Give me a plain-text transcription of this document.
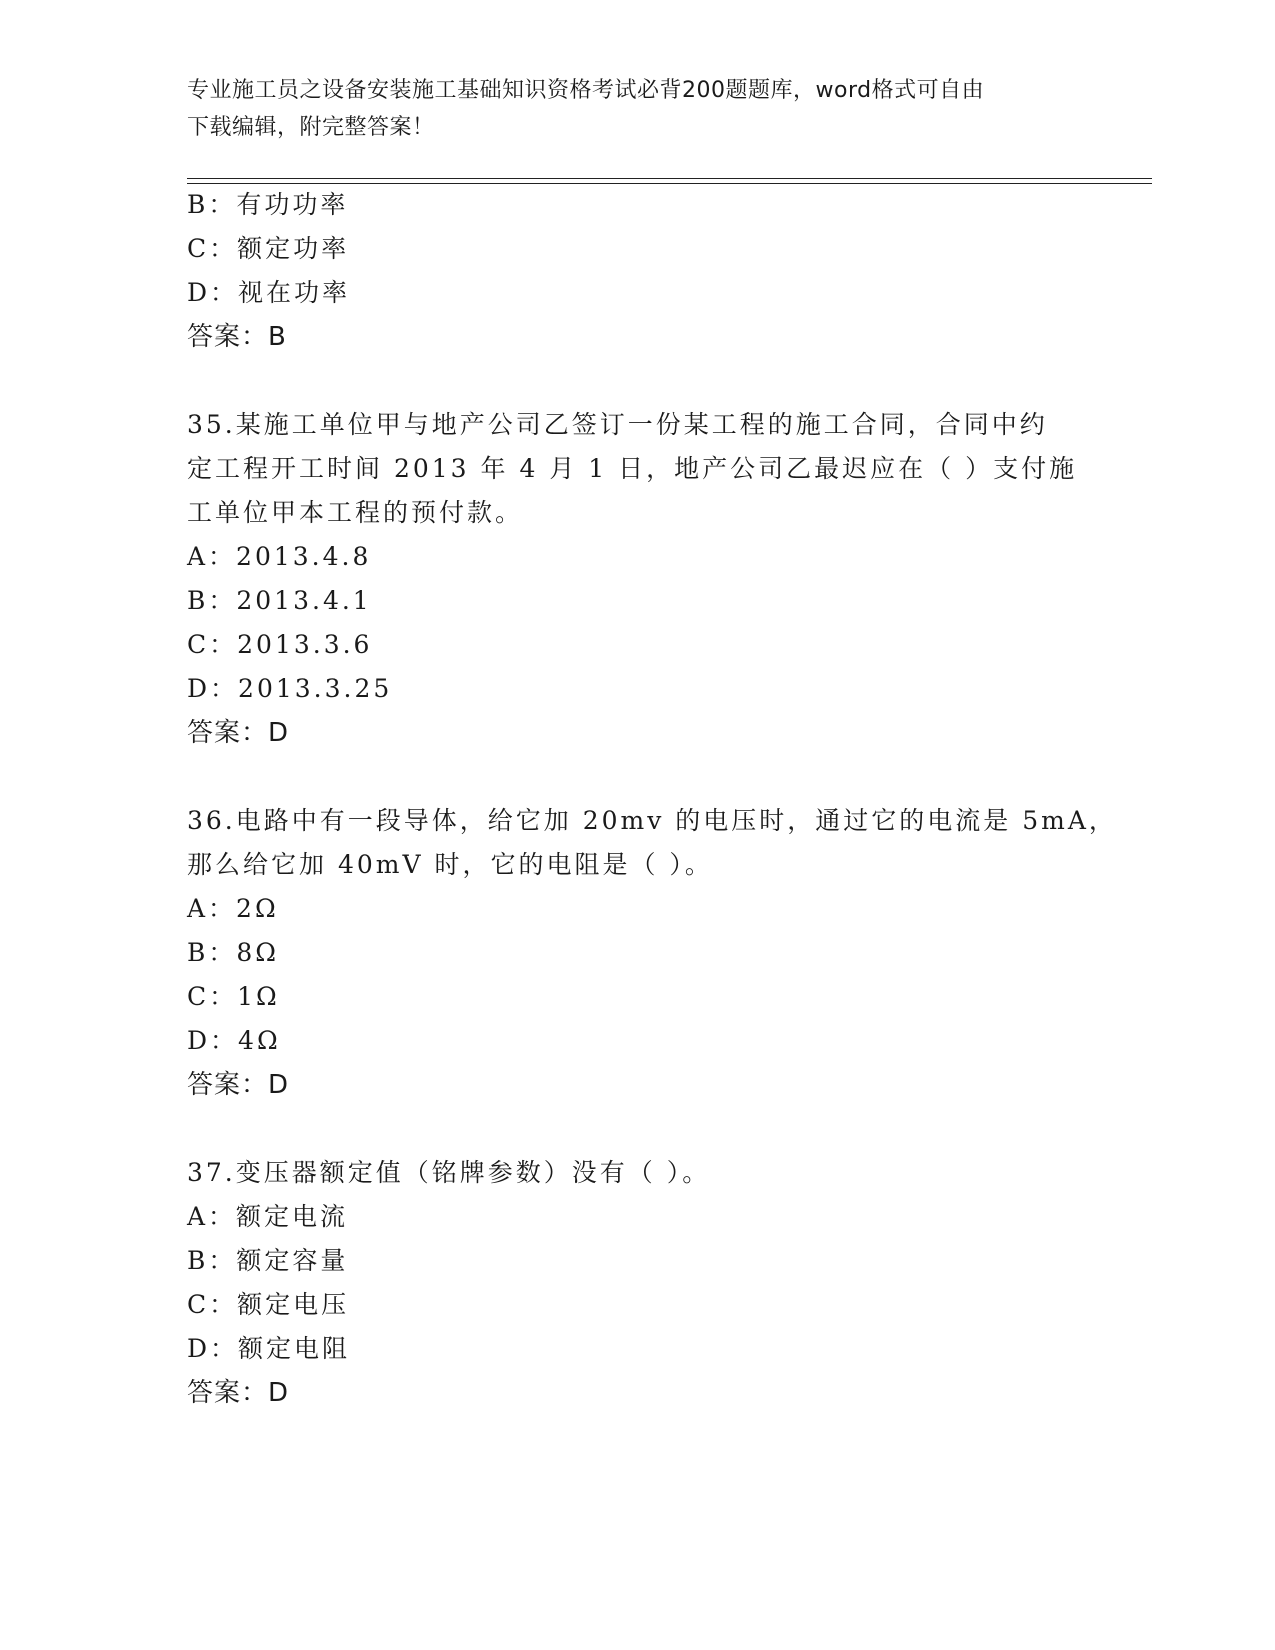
专业施工员之设备安装施工基础知识资格考试必背200题题库，word格式可自由
下载编辑，附完整答案！
B：有功功率
C：额定功率
D：视在功率
答案：B
35.某施工单位甲与地产公司乙签订一份某工程的施工合同，合同中约
定工程开工时间 2013 年 4 月 1 日，地产公司乙最迟应在（ ）支付施
工单位甲本工程的预付款。
A：2013.4.8
B：2013.4.1
C：2013.3.6
D：2013.3.25
答案：D
36.电路中有一段导体，给它加 20mv 的电压时，通过它的电流是 5mA，
那么给它加 40mV 时，它的电阻是（ ）。
A：2Ω
B：8Ω
C：1Ω
D：4Ω
答案：D
37.变压器额定值（铭牌参数）没有（ ）。
A：额定电流
B：额定容量
C：额定电压
D：额定电阻
答案：D
